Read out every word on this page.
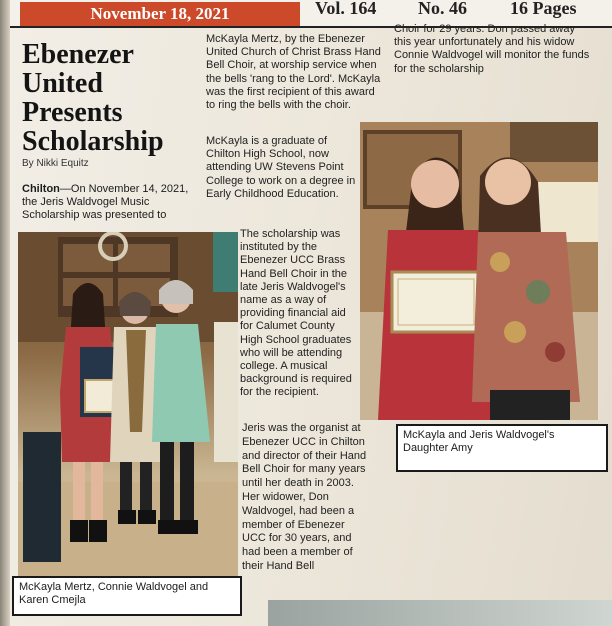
November 18, 2021	Vol. 164 No. 46 16 Pages
Ebenezer United Presents Scholarship
By Nikki Equitz
Chilton—On November 14, 2021, the Jeris Waldvogel Music Scholarship was presented to
McKayla Mertz, by the Ebenezer United Church of Christ Brass Hand Bell Choir, at worship service when the bells 'rang to the Lord'. McKayla was the first recipient of this award to ring the bells with the choir.
Choir for 29 years. Don passed away this year unfortunately and his widow Connie Waldvogel will monitor the funds for the scholarship
McKayla is a graduate of Chilton High School, now attending UW Stevens Point College to work on a degree in Early Childhood Education.
The scholarship was instituted by the Ebenezer UCC Brass Hand Bell Choir in the late Jeris Waldvogel's name as a way of providing financial aid for Calumet County High School graduates who will be attending college. A musical background is required for the recipient.
Jeris was the organist at Ebenezer UCC in Chilton and director of their Hand Bell Choir for many years until her death in 2003. Her widower, Don Waldvogel, had been a member of Ebenezer UCC for 30 years, and had been a member of their Hand Bell
McKayla Mertz, Connie Waldvogel and Karen Cmejla
McKayla and Jeris Waldvogel's Daughter Amy
